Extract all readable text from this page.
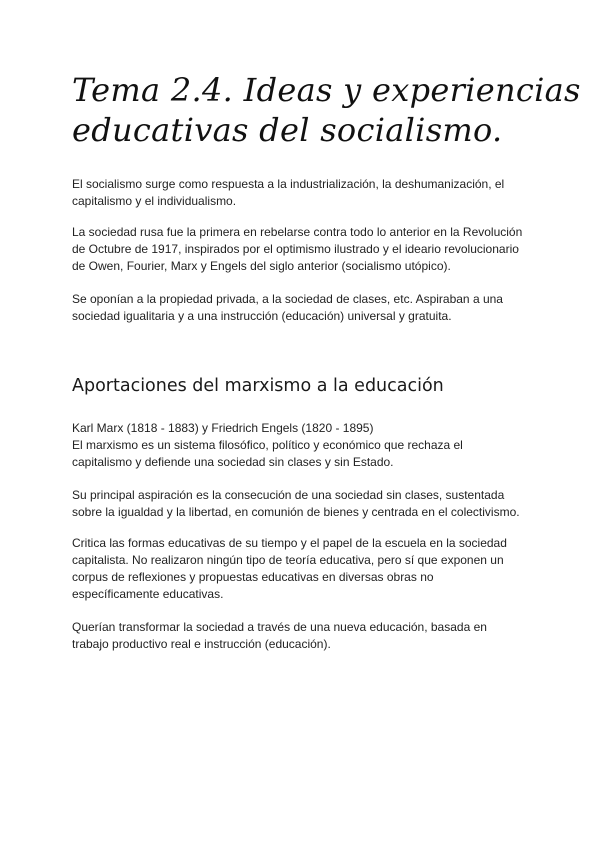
Tema 2.4. Ideas y experiencias
educativas del socialismo.

El socialismo surge como respuesta a la industrialización, la deshumanización, el
capitalismo y el individualismo.

La sociedad rusa fue la primera en rebelarse contra todo lo anterior en la Revolución
de Octubre de 1917, inspirados por el optimismo ilustrado y el ideario revolucionario
de Owen, Fourier, Marx y Engels del siglo anterior (socialismo utópico).

Se oponían a la propiedad privada, a la sociedad de clases, etc. Aspiraban a una
sociedad igualitaria y a una instrucción (educación) universal y gratuita.

Aportaciones del marxismo a la educación

Karl Marx (1818 - 1883) y Friedrich Engels (1820 - 1895)
El marxismo es un sistema filosófico, político y económico que rechaza el
capitalismo y defiende una sociedad sin clases y sin Estado.

Su principal aspiración es la consecución de una sociedad sin clases, sustentada
sobre la igualdad y la libertad, en comunión de bienes y centrada en el colectivismo.

Critica las formas educativas de su tiempo y el papel de la escuela en la sociedad
capitalista. No realizaron ningún tipo de teoría educativa, pero sí que exponen un
corpus de reflexiones y propuestas educativas en diversas obras no
específicamente educativas.

Querían transformar la sociedad a través de una nueva educación, basada en
trabajo productivo real e instrucción (educación).
